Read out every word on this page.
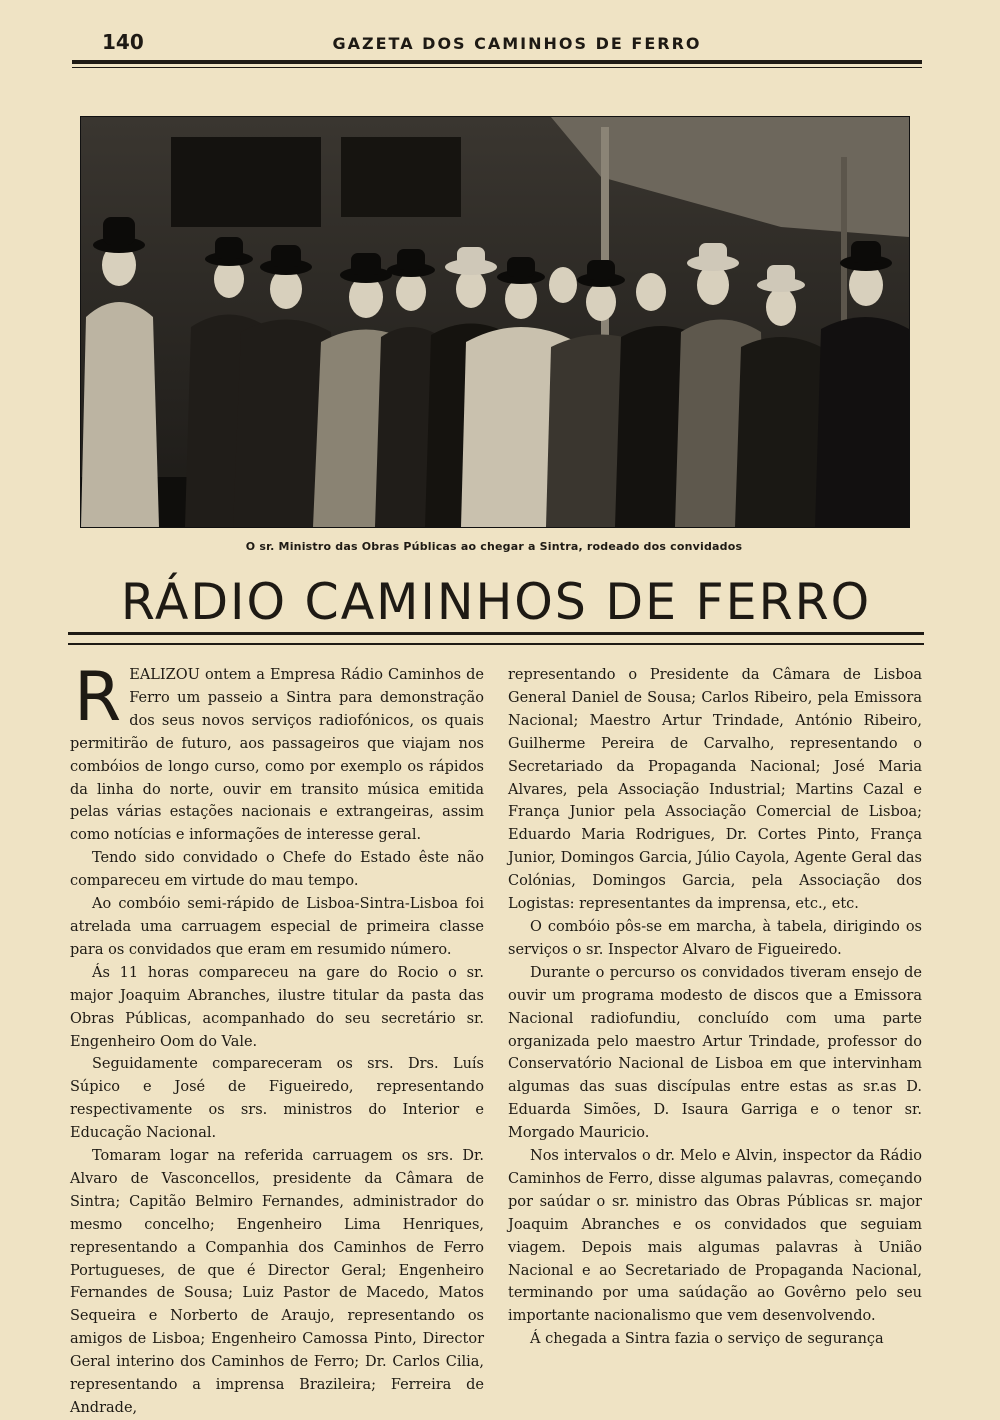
140	GAZETA DOS CAMINHOS DE FERRO
O sr. Ministro das Obras Públicas ao chegar a Sintra, rodeado dos convidados
RÁDIO CAMINHOS DE FERRO

REALIZOU ontem a Empresa Rádio Caminhos de Ferro um passeio a Sintra para demonstração dos seus novos serviços radiofónicos, os quais permitirão de futuro, aos passageiros que viajam nos combóios de longo curso, como por exemplo os rápidos da linha do norte, ouvir em transito música emitida pelas várias estações nacionais e extrangeiras, assim como notícias e informações de interesse geral.

Tendo sido convidado o Chefe do Estado êste não compareceu em virtude do mau tempo.

Ao combóio semi-rápido de Lisboa-Sintra-Lisboa foi atrelada uma carruagem especial de primeira classe para os convidados que eram em resumido número.

Ás 11 horas compareceu na gare do Rocio o sr. major Joaquim Abranches, ilustre titular da pasta das Obras Públicas, acompanhado do seu secretário sr. Engenheiro Oom do Vale.

Seguidamente compareceram os srs. Drs. Luís Súpico e José de Figueiredo, representando respectivamente os srs. ministros do Interior e Educação Nacional.

Tomaram logar na referida carruagem os srs. Dr. Alvaro de Vasconcellos, presidente da Câmara de Sintra; Capitão Belmiro Fernandes, administrador do mesmo concelho; Engenheiro Lima Henriques, representando a Companhia dos Caminhos de Ferro Portugueses, de que é Director Geral; Engenheiro Fernandes de Sousa; Luiz Pastor de Macedo, Matos Sequeira e Norberto de Araujo, representando os amigos de Lisboa; Engenheiro Camossa Pinto, Director Geral interino dos Caminhos de Ferro; Dr. Carlos Cilia, representando a imprensa Brazileira; Ferreira de Andrade,

representando o Presidente da Câmara de Lisboa General Daniel de Sousa; Carlos Ribeiro, pela Emissora Nacional; Maestro Artur Trindade, António Ribeiro, Guilherme Pereira de Carvalho, representando o Secretariado da Propaganda Nacional; José Maria Alvares, pela Associação Industrial; Martins Cazal e França Junior pela Associação Comercial de Lisboa; Eduardo Maria Rodrigues, Dr. Cortes Pinto, França Junior, Domingos Garcia, Júlio Cayola, Agente Geral das Colónias, Domingos Garcia, pela Associação dos Logistas: representantes da imprensa, etc., etc.

O combóio pôs-se em marcha, à tabela, dirigindo os serviços o sr. Inspector Alvaro de Figueiredo.

Durante o percurso os convidados tiveram ensejo de ouvir um programa modesto de discos que a Emissora Nacional radiofundiu, concluído com uma parte organizada pelo maestro Artur Trindade, professor do Conservatório Nacional de Lisboa em que intervinham algumas das suas discípulas entre estas as sr.as D. Eduarda Simões, D. Isaura Garriga e o tenor sr. Morgado Mauricio.

Nos intervalos o dr. Melo e Alvin, inspector da Rádio Caminhos de Ferro, disse algumas palavras, começando por saúdar o sr. ministro das Obras Públicas sr. major Joaquim Abranches e os convidados que seguiam viagem. Depois mais algumas palavras à União Nacional e ao Secretariado de Propaganda Nacional, terminando por uma saúdação ao Govêrno pelo seu importante nacionalismo que vem desenvolvendo.

Á chegada a Sintra fazia o serviço de segurança
